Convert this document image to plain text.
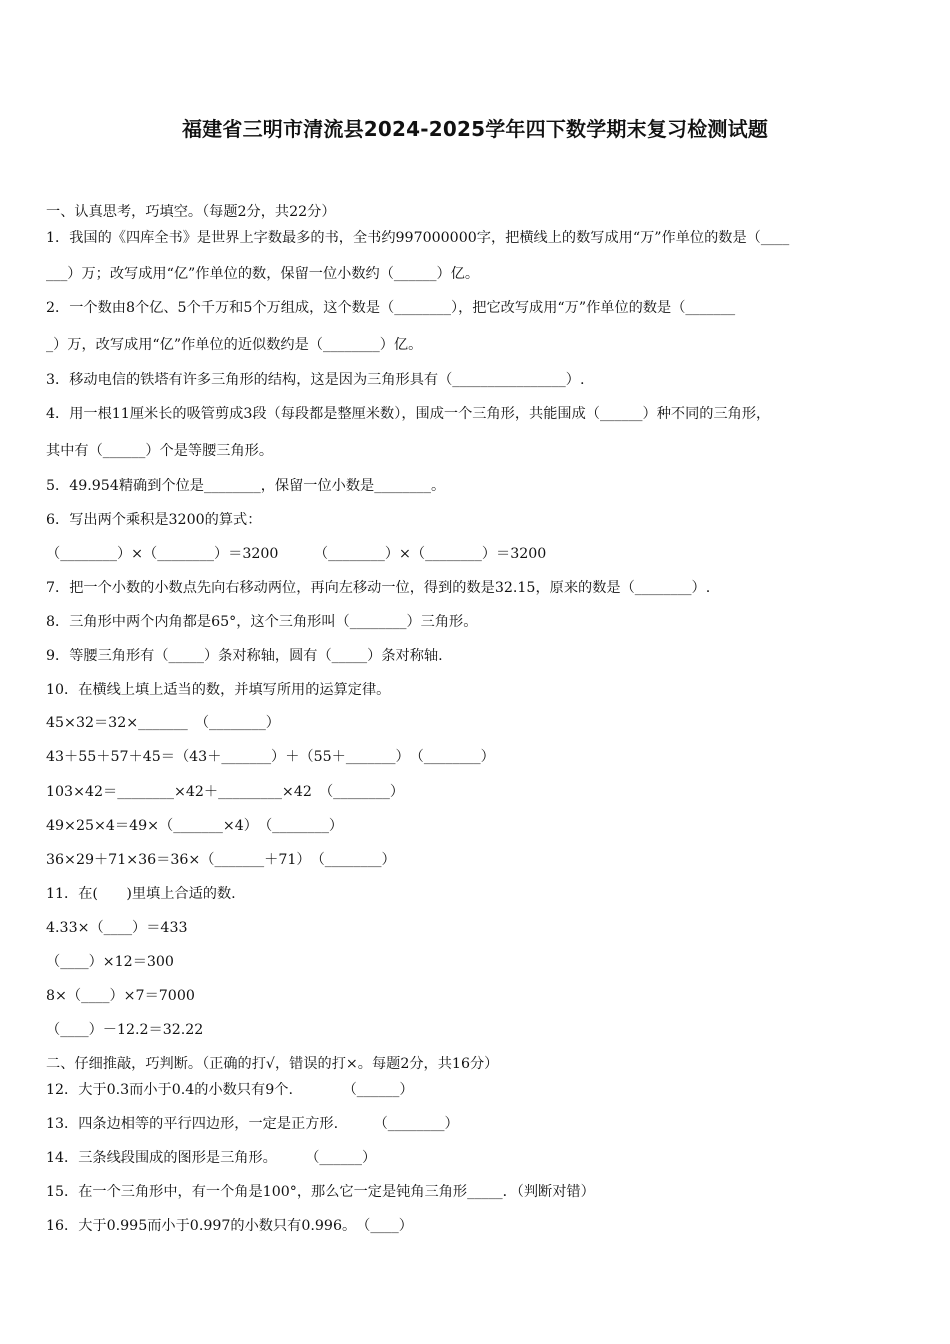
福建省三明市清流县2024-2025学年四下数学期末复习检测试题
一、认真思考，巧填空。（每题2分，共22分）
1．我国的《四库全书》是世界上字数最多的书，全书约997000000字，把横线上的数写成用“万”作单位的数是（____
___）万；改写成用“亿”作单位的数，保留一位小数约（______）亿。
2．一个数由8个亿、5个千万和5个万组成，这个数是（________），把它改写成用“万”作单位的数是（_______
_）万，改写成用“亿”作单位的近似数约是（________）亿。
3．移动电信的铁塔有许多三角形的结构，这是因为三角形具有（________________）.
4．用一根11厘米长的吸管剪成3段（每段都是整厘米数），围成一个三角形，共能围成（______）种不同的三角形，
其中有（______）个是等腰三角形。
5．49.954精确到个位是________，保留一位小数是________。
6．写出两个乘积是3200的算式：
（________）×（________）＝3200　　　（________）×（________）＝3200
7．把一个小数的小数点先向右移动两位，再向左移动一位，得到的数是32.15，原来的数是（________）.
8．三角形中两个内角都是65°，这个三角形叫（________）三角形。
9．等腰三角形有（_____）条对称轴，圆有（_____）条对称轴.
10．在横线上填上适当的数，并填写所用的运算定律。
45×32＝32×_______　（________）
43＋55＋57＋45＝（43＋_______）＋（55＋_______）　（________）
103×42＝________×42＋_________×42　（________）
49×25×4＝49×（_______×4）　（________）
36×29＋71×36＝36×（_______＋71）　（________）
11．在(　　)里填上合适的数.
4.33×（____）＝433
（____）×12＝300
8×（____）×7＝7000
（____）－12.2＝32.22
二、仔细推敲，巧判断。（正确的打√，错误的打×。每题2分，共16分）
12．大于0.3而小于0.4的小数只有9个.　　　　（______）
13．四条边相等的平行四边形，一定是正方形.　　　（________）
14．三条线段围成的图形是三角形。　　　（______）
15．在一个三角形中，有一个角是100°，那么它一定是钝角三角形_____．（判断对错）
16．大于0.995而小于0.997的小数只有0.996。　（____）
